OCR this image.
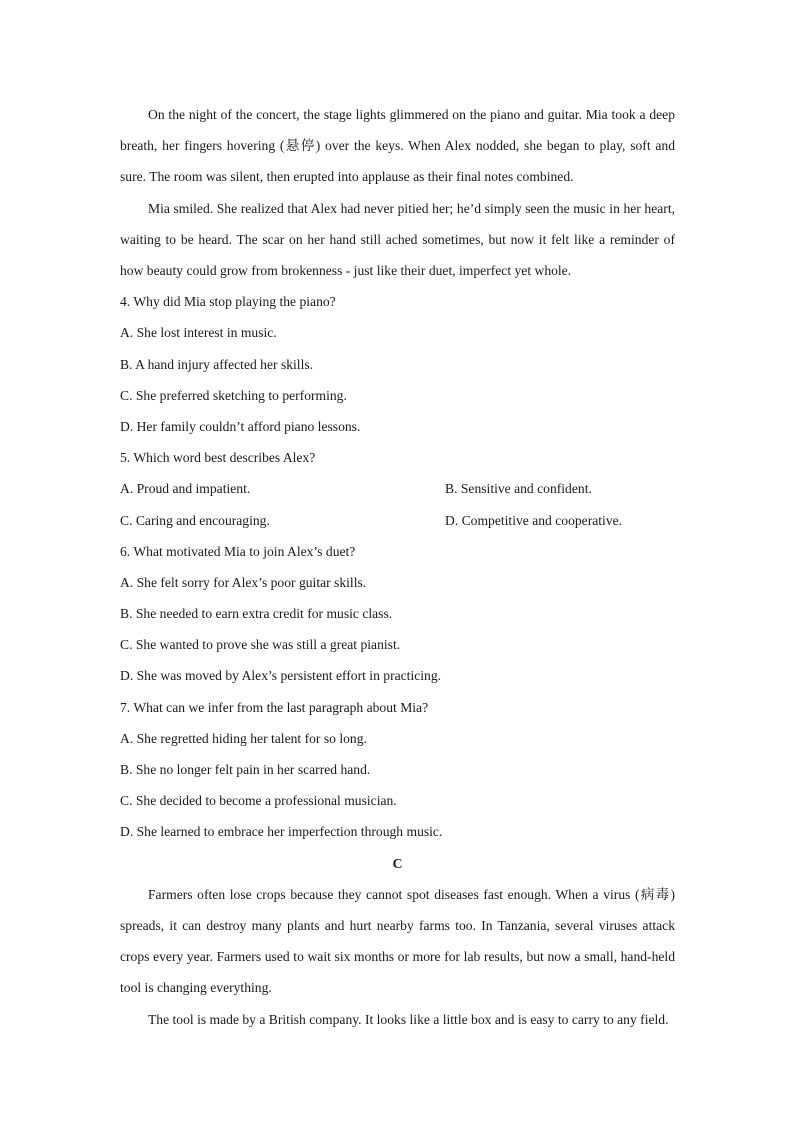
On the night of the concert, the stage lights glimmered on the piano and guitar. Mia took a deep breath, her fingers hovering (悬停) over the keys. When Alex nodded, she began to play, soft and sure. The room was silent, then erupted into applause as their final notes combined.

Mia smiled. She realized that Alex had never pitied her; he’d simply seen the music in her heart, waiting to be heard. The scar on her hand still ached sometimes, but now it felt like a reminder of how beauty could grow from brokenness - just like their duet, imperfect yet whole.

4. Why did Mia stop playing the piano?
A. She lost interest in music.
B. A hand injury affected her skills.
C. She preferred sketching to performing.
D. Her family couldn’t afford piano lessons.
5. Which word best describes Alex?
A. Proud and impatient.	B. Sensitive and confident.
C. Caring and encouraging.	D. Competitive and cooperative.
6. What motivated Mia to join Alex’s duet?
A. She felt sorry for Alex’s poor guitar skills.
B. She needed to earn extra credit for music class.
C. She wanted to prove she was still a great pianist.
D. She was moved by Alex’s persistent effort in practicing.
7. What can we infer from the last paragraph about Mia?
A. She regretted hiding her talent for so long.
B. She no longer felt pain in her scarred hand.
C. She decided to become a professional musician.
D. She learned to embrace her imperfection through music.
C

Farmers often lose crops because they cannot spot diseases fast enough. When a virus (病毒) spreads, it can destroy many plants and hurt nearby farms too. In Tanzania, several viruses attack crops every year. Farmers used to wait six months or more for lab results, but now a small, hand-held tool is changing everything.

The tool is made by a British company. It looks like a little box and is easy to carry to any field.
